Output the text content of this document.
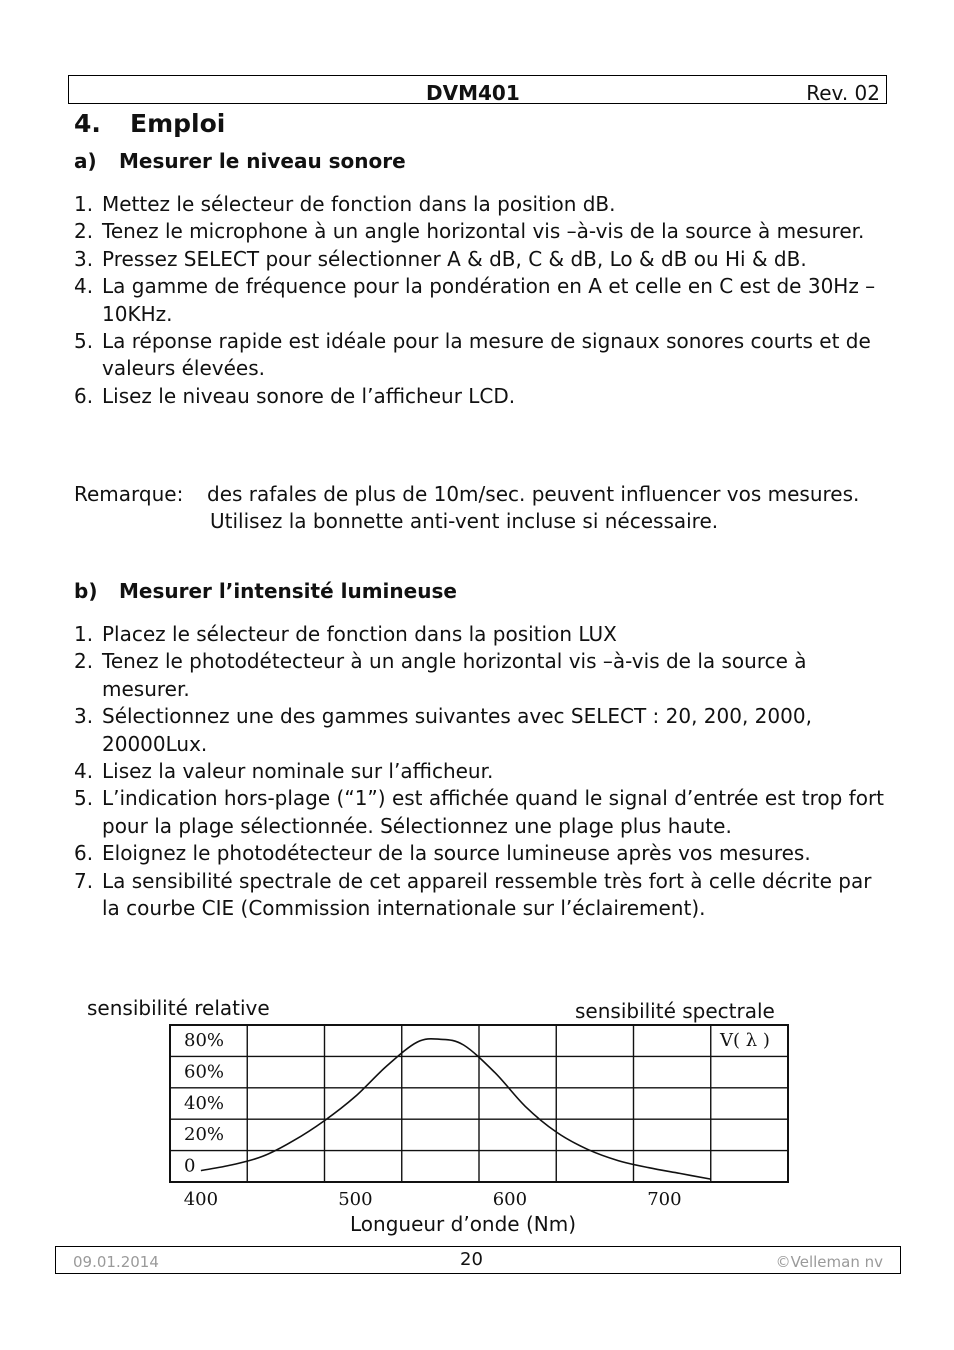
DVM401	Rev. 02
4. Emploi
a) Mesurer le niveau sonore
1. Mettez le sélecteur de fonction dans la position dB.
2. Tenez le microphone à un angle horizontal vis –à-vis de la source à mesurer.
3. Pressez SELECT pour sélectionner A & dB, C & dB, Lo & dB ou Hi & dB.
4. La gamme de fréquence pour la pondération en A et celle en C est de 30Hz – 10KHz.
5. La réponse rapide est idéale pour la mesure de signaux sonores courts et de valeurs élevées.
6. Lisez le niveau sonore de l’afficheur LCD.
Remarque: des rafales de plus de 10m/sec. peuvent influencer vos mesures. Utilisez la bonnette anti-vent incluse si nécessaire.
b) Mesurer l’intensité lumineuse
1. Placez le sélecteur de fonction dans la position LUX
2. Tenez le photodétecteur à un angle horizontal vis –à-vis de la source à mesurer.
3. Sélectionnez une des gammes suivantes avec SELECT : 20, 200, 2000, 20000Lux.
4. Lisez la valeur nominale sur l’afficheur.
5. L’indication hors-plage (“1”) est affichée quand le signal d’entrée est trop fort pour la plage sélectionnée. Sélectionnez une plage plus haute.
6. Eloignez le photodétecteur de la source lumineuse après vos mesures.
7. La sensibilité spectrale de cet appareil ressemble très fort à celle décrite par la courbe CIE (Commission internationale sur l’éclairement).
sensibilité relative	sensibilité spectrale
80%
60%
40%
20%
0
400	500	600	700
V( λ )
Longueur d’onde (Nm)
09.01.2014	20	©Velleman nv
